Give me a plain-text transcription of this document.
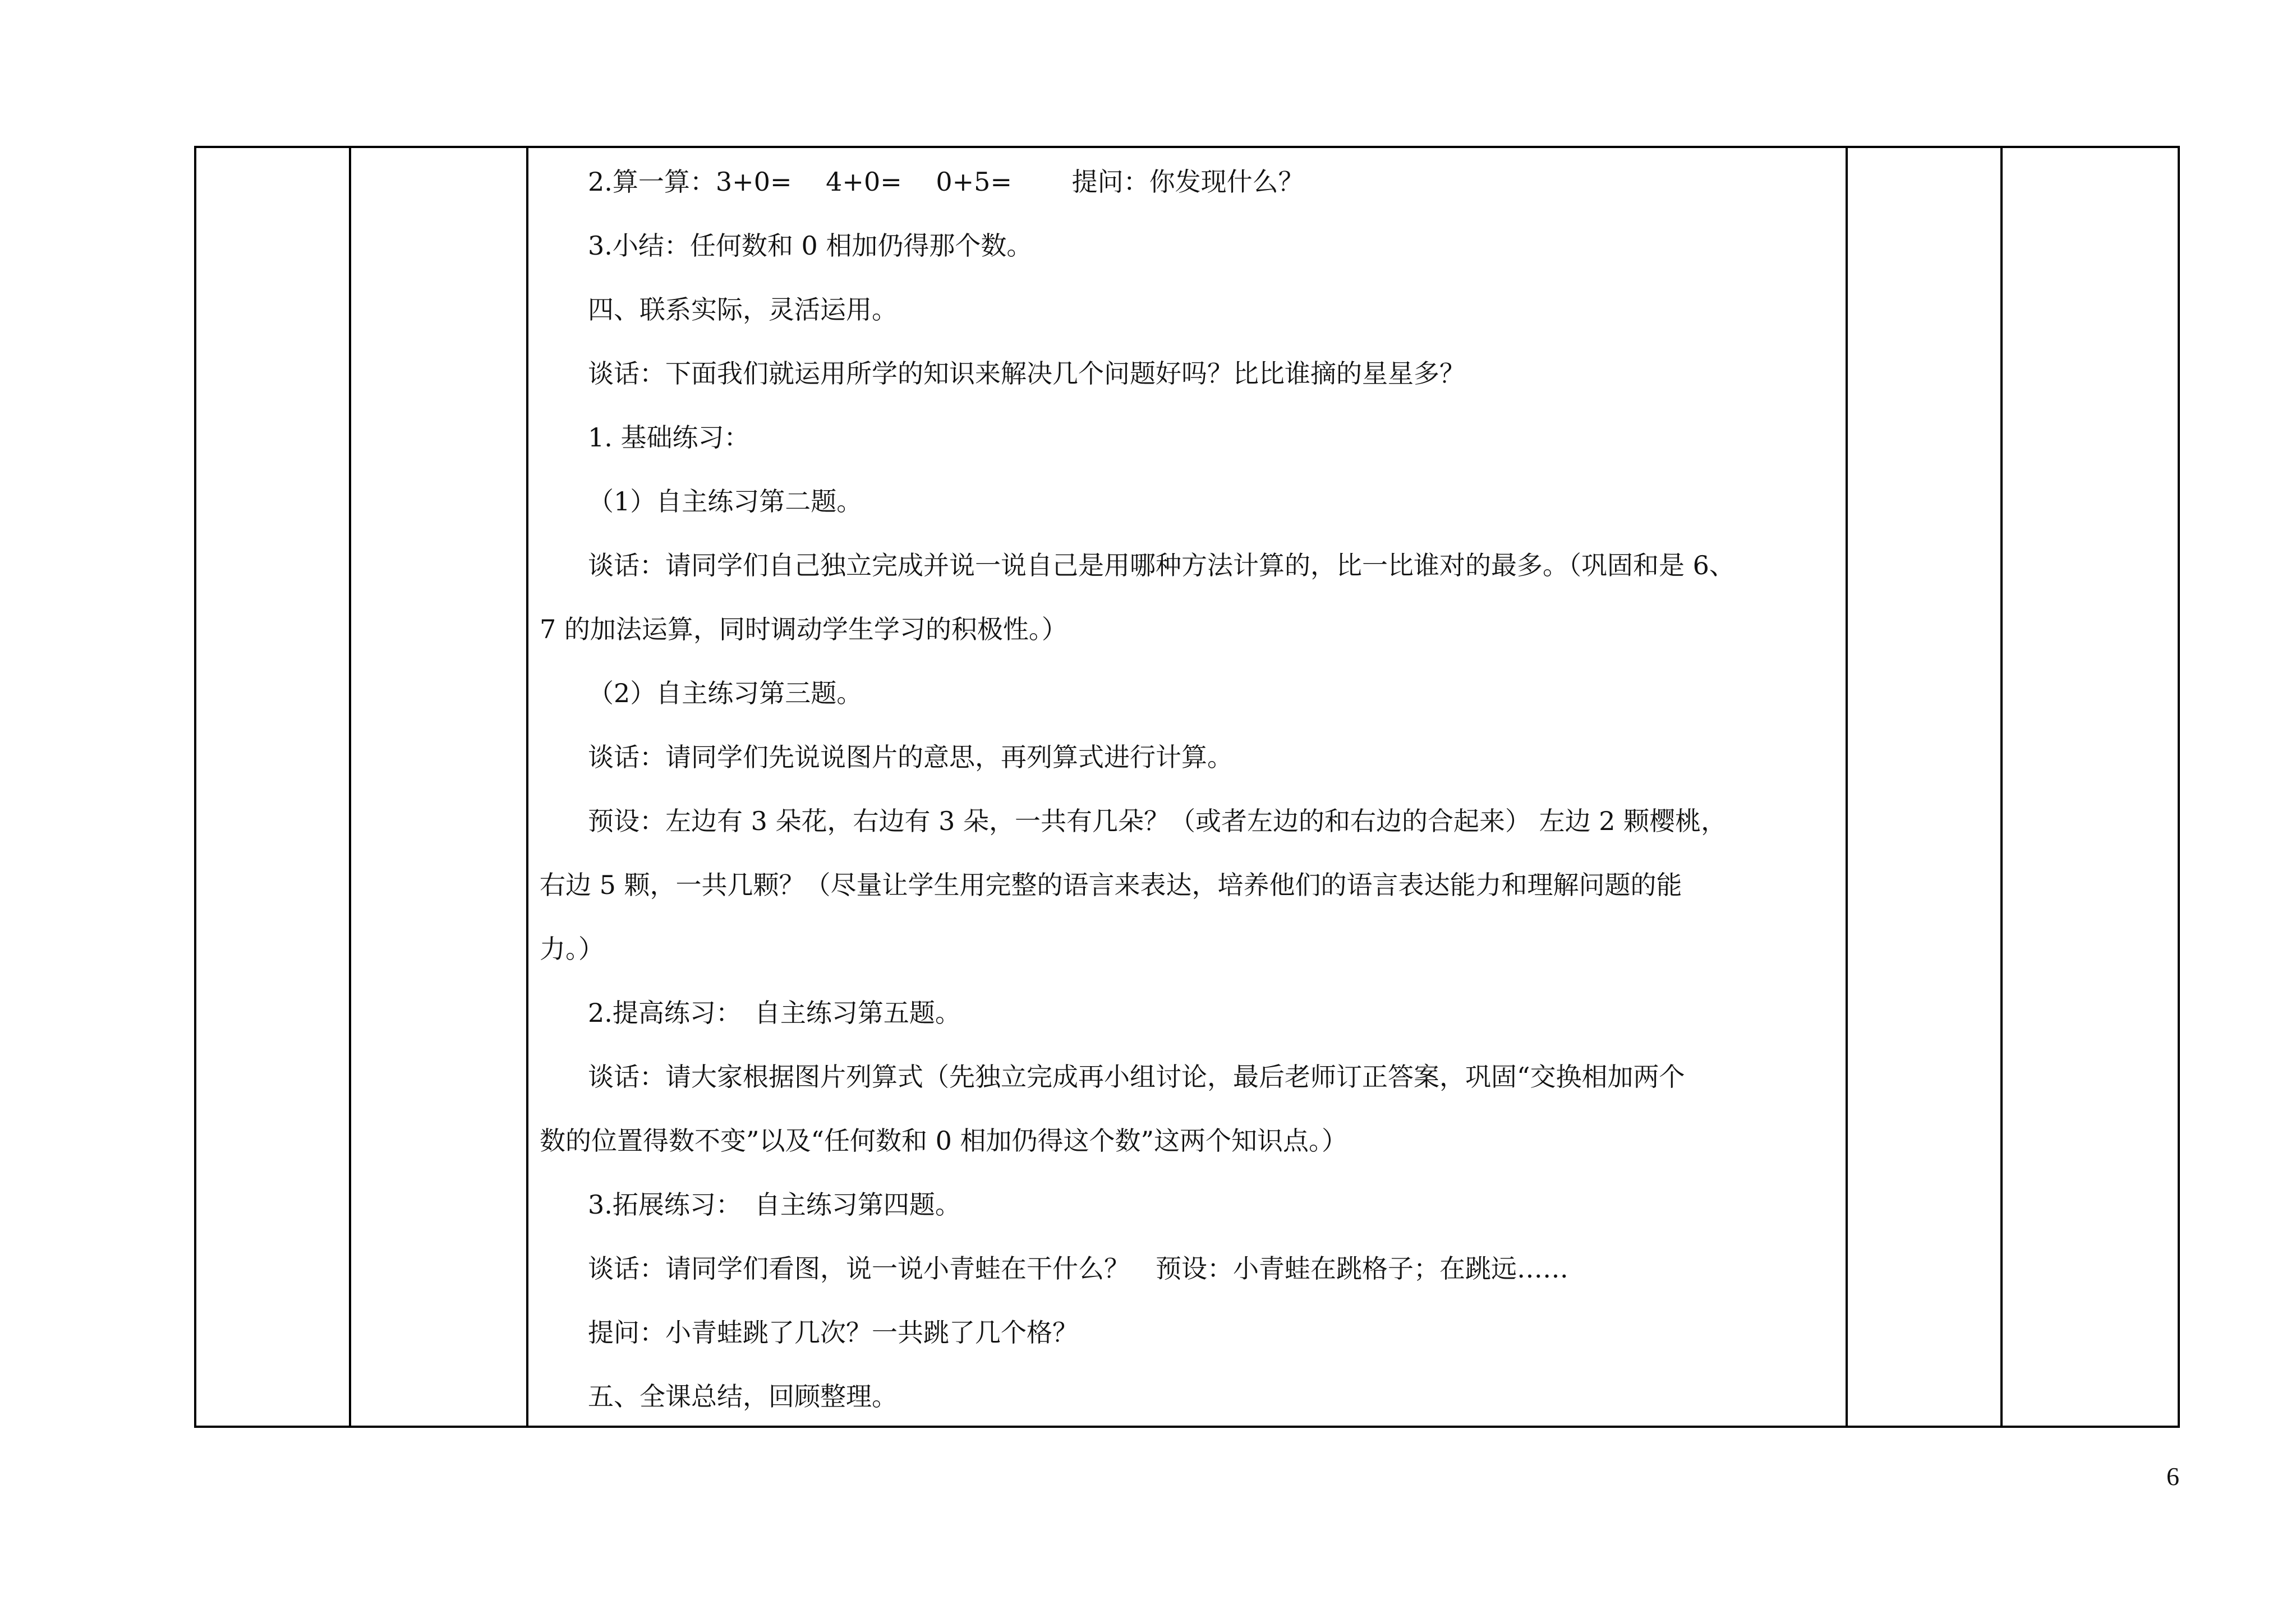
2.算一算：3+0=　 4+0=　 0+5=　　 提问：你发现什么？
3.小结：任何数和 0 相加仍得那个数。
四、联系实际，灵活运用。
谈话：下面我们就运用所学的知识来解决几个问题好吗？比比谁摘的星星多？
1. 基础练习：
（1）自主练习第二题。
谈话：请同学们自己独立完成并说一说自己是用哪种方法计算的，比一比谁对的最多。（巩固和是 6、
7 的加法运算，同时调动学生学习的积极性。）
（2）自主练习第三题。
谈话：请同学们先说说图片的意思，再列算式进行计算。
预设：左边有 3 朵花，右边有 3 朵，一共有几朵？（或者左边的和右边的合起来） 左边 2 颗樱桃，
右边 5 颗，一共几颗？（尽量让学生用完整的语言来表达，培养他们的语言表达能力和理解问题的能
力。）
2.提高练习：　自主练习第五题。
谈话：请大家根据图片列算式（先独立完成再小组讨论，最后老师订正答案，巩固“交换相加两个
数的位置得数不变”以及“任何数和 0 相加仍得这个数”这两个知识点。）
3.拓展练习：　自主练习第四题。
谈话：请同学们看图，说一说小青蛙在干什么？　预设：小青蛙在跳格子；在跳远……
提问：小青蛙跳了几次？一共跳了几个格？
五、全课总结，回顾整理。

6
